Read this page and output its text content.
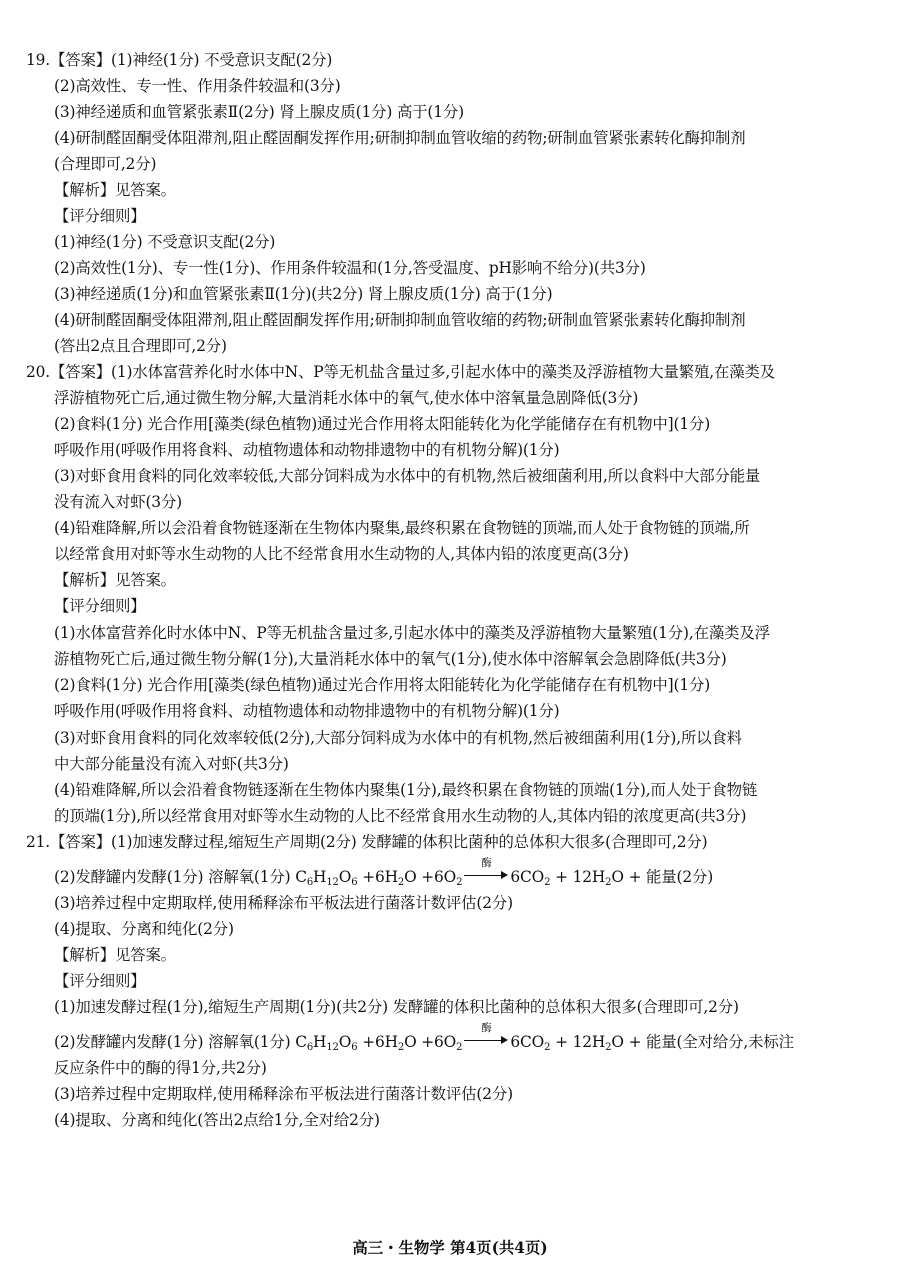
19.【答案】(1)神经(1分) 不受意识支配(2分)
(2)高效性、专一性、作用条件较温和(3分)
(3)神经递质和血管紧张素Ⅱ(2分) 肾上腺皮质(1分) 高于(1分)
(4)研制醛固酮受体阻滞剂,阻止醛固酮发挥作用;研制抑制血管收缩的药物;研制血管紧张素转化酶抑制剂
(合理即可,2分)
【解析】见答案。
【评分细则】
(1)神经(1分) 不受意识支配(2分)
(2)高效性(1分)、专一性(1分)、作用条件较温和(1分,答受温度、pH影响不给分)(共3分)
(3)神经递质(1分)和血管紧张素Ⅱ(1分)(共2分) 肾上腺皮质(1分) 高于(1分)
(4)研制醛固酮受体阻滞剂,阻止醛固酮发挥作用;研制抑制血管收缩的药物;研制血管紧张素转化酶抑制剂
(答出2点且合理即可,2分)
20.【答案】(1)水体富营养化时水体中N、P等无机盐含量过多,引起水体中的藻类及浮游植物大量繁殖,在藻类及
浮游植物死亡后,通过微生物分解,大量消耗水体中的氧气,使水体中溶氧量急剧降低(3分)
(2)食料(1分) 光合作用[藻类(绿色植物)通过光合作用将太阳能转化为化学能储存在有机物中](1分)
呼吸作用(呼吸作用将食料、动植物遗体和动物排遗物中的有机物分解)(1分)
(3)对虾食用食料的同化效率较低,大部分饲料成为水体中的有机物,然后被细菌利用,所以食料中大部分能量
没有流入对虾(3分)
(4)铅难降解,所以会沿着食物链逐渐在生物体内聚集,最终积累在食物链的顶端,而人处于食物链的顶端,所
以经常食用对虾等水生动物的人比不经常食用水生动物的人,其体内铅的浓度更高(3分)
【解析】见答案。
【评分细则】
(1)水体富营养化时水体中N、P等无机盐含量过多,引起水体中的藻类及浮游植物大量繁殖(1分),在藻类及浮
游植物死亡后,通过微生物分解(1分),大量消耗水体中的氧气(1分),使水体中溶解氧会急剧降低(共3分)
(2)食料(1分) 光合作用[藻类(绿色植物)通过光合作用将太阳能转化为化学能储存在有机物中](1分)
呼吸作用(呼吸作用将食料、动植物遗体和动物排遗物中的有机物分解)(1分)
(3)对虾食用食料的同化效率较低(2分),大部分饲料成为水体中的有机物,然后被细菌利用(1分),所以食料
中大部分能量没有流入对虾(共3分)
(4)铅难降解,所以会沿着食物链逐渐在生物体内聚集(1分),最终积累在食物链的顶端(1分),而人处于食物链
的顶端(1分),所以经常食用对虾等水生动物的人比不经常食用水生动物的人,其体内铅的浓度更高(共3分)
21.【答案】(1)加速发酵过程,缩短生产周期(2分) 发酵罐的体积比菌种的总体积大很多(合理即可,2分)
(2)发酵罐内发酵(1分) 溶解氧(1分) $C_6H_{12}O_6 +6H_2O +6O_2$
酶
$6CO_2 + 12H_2O$ + 能量(2分)
(3)培养过程中定期取样,使用稀释涂布平板法进行菌落计数评估(2分)
(4)提取、分离和纯化(2分)
【解析】见答案。
【评分细则】
(1)加速发酵过程(1分),缩短生产周期(1分)(共2分) 发酵罐的体积比菌种的总体积大很多(合理即可,2分)
(2)发酵罐内发酵(1分) 溶解氧(1分) $C_6H_{12}O_6 +6H_2O +6O_2$
酶
$6CO_2 + 12H_2O$ + 能量(全对给分,未标注
反应条件中的酶的得1分,共2分)
(3)培养过程中定期取样,使用稀释涂布平板法进行菌落计数评估(2分)
(4)提取、分离和纯化(答出2点给1分,全对给2分)
高三・生物学 第4页(共4页)
